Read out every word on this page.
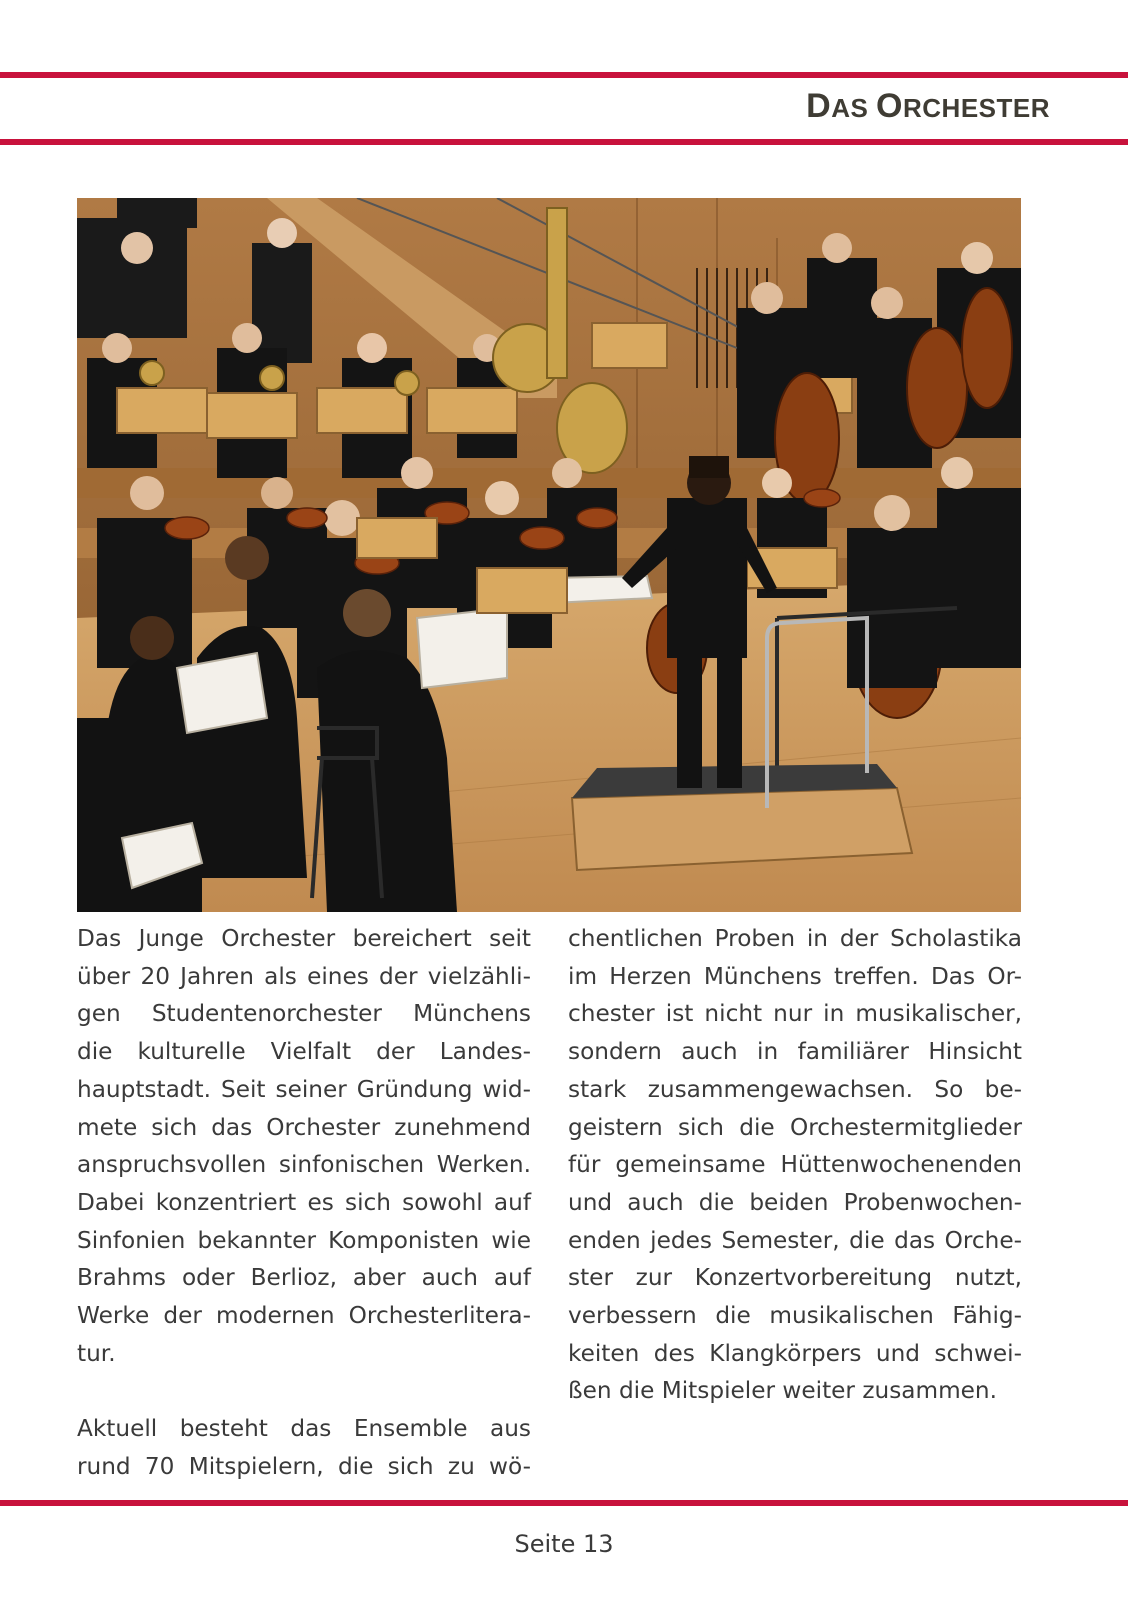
DAS ORCHESTER

Das Junge Orchester bereichert seit
über 20 Jahren als eines der vielzähli-
gen Studentenorchester Münchens
die kulturelle Vielfalt der Landes-
hauptstadt. Seit seiner Gründung wid-
mete sich das Orchester zunehmend
anspruchsvollen sinfonischen Werken.
Dabei konzentriert es sich sowohl auf
Sinfonien bekannter Komponisten wie
Brahms oder Berlioz, aber auch auf
Werke der modernen Orchesterlitera-
tur.

Aktuell besteht das Ensemble aus
rund 70 Mitspielern, die sich zu wö-

chentlichen Proben in der Scholastika
im Herzen Münchens treffen. Das Or-
chester ist nicht nur in musikalischer,
sondern auch in familiärer Hinsicht
stark zusammengewachsen. So be-
geistern sich die Orchestermitglieder
für gemeinsame Hüttenwochenenden
und auch die beiden Probenwochen-
enden jedes Semester, die das Orche-
ster zur Konzertvorbereitung nutzt,
verbessern die musikalischen Fähig-
keiten des Klangkörpers und schwei-
ßen die Mitspieler weiter zusammen.

Seite 13
